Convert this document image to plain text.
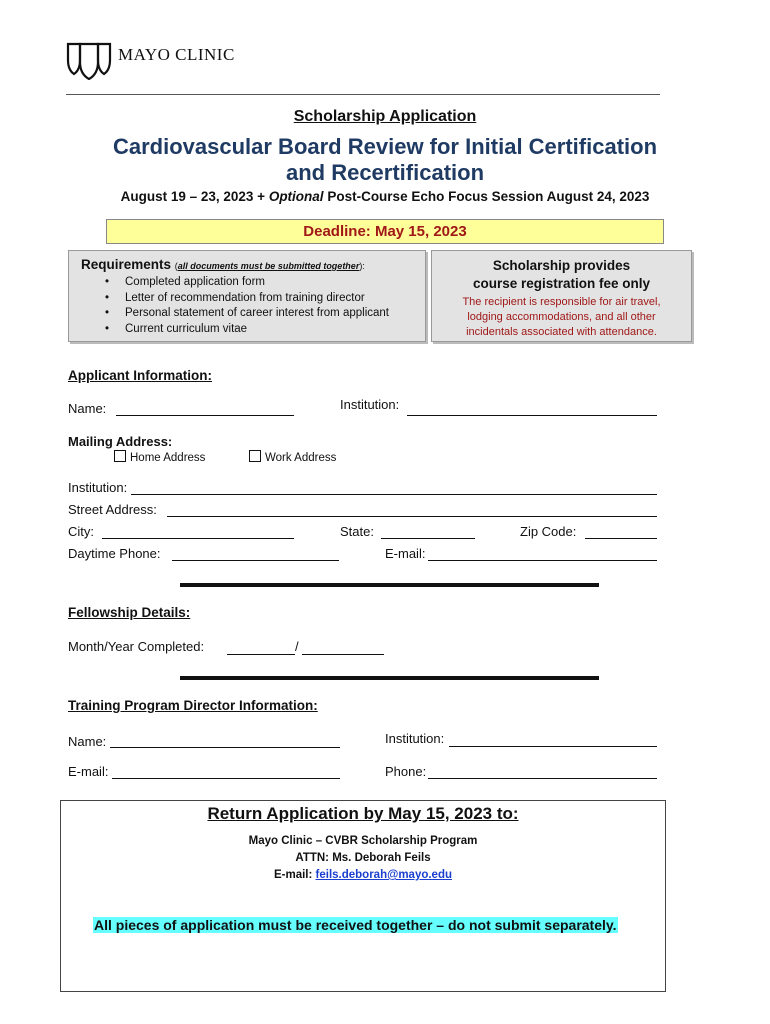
MAYO CLINIC
Scholarship Application
Cardiovascular Board Review for Initial Certification
and Recertification
August 19 – 23, 2023 + Optional Post-Course Echo Focus Session August 24, 2023
Deadline: May 15, 2023
Requirements (all documents must be submitted together):
• Completed application form
• Letter of recommendation from training director
• Personal statement of career interest from applicant
• Current curriculum vitae
Scholarship provides
course registration fee only
The recipient is responsible for air travel,
lodging accommodations, and all other
incidentals associated with attendance.
Applicant Information:
Name:	Institution:
Mailing Address:
Home Address	Work Address
Institution:
Street Address:
City:	State:	Zip Code:
Daytime Phone:	E-mail:
Fellowship Details:
Month/Year Completed:	/
Training Program Director Information:
Name:	Institution:
E-mail:	Phone:
Return Application by May 15, 2023 to:
Mayo Clinic – CVBR Scholarship Program
ATTN: Ms. Deborah Feils
E-mail: feils.deborah@mayo.edu
All pieces of application must be received together – do not submit separately.
